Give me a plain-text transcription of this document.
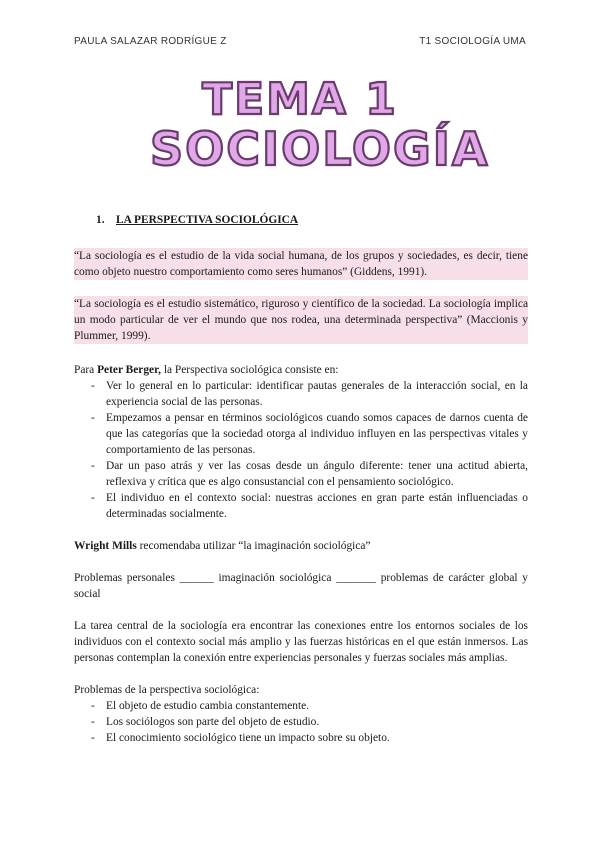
PAULA SALAZAR RODRÍGUE Z	T1 SOCIOLOGÍA UMA
TEMA 1
SOCIOLOGÍA
1. LA PERSPECTIVA SOCIOLÓGICA

“La sociología es el estudio de la vida social humana, de los grupos y sociedades, es decir, tiene como objeto nuestro comportamiento como seres humanos” (Giddens, 1991).

“La sociología es el estudio sistemático, riguroso y científico de la sociedad. La sociología implica un modo particular de ver el mundo que nos rodea, una determinada perspectiva” (Maccionis y Plummer, 1999).

Para Peter Berger, la Perspectiva sociológica consiste en:

- Ver lo general en lo particular: identificar pautas generales de la interacción social, en la experiencia social de las personas.
- Empezamos a pensar en términos sociológicos cuando somos capaces de darnos cuenta de que las categorías que la sociedad otorga al individuo influyen en las perspectivas vitales y comportamiento de las personas.
- Dar un paso atrás y ver las cosas desde un ángulo diferente: tener una actitud abierta, reflexiva y crítica que es algo consustancial con el pensamiento sociológico.
- El individuo en el contexto social: nuestras acciones en gran parte están influenciadas o determinadas socialmente.

Wright Mills recomendaba utilizar “la imaginación sociológica”

Problemas personales ______ imaginación sociológica _______ problemas de carácter global y social

La tarea central de la sociología era encontrar las conexiones entre los entornos sociales de los individuos con el contexto social más amplio y las fuerzas históricas en el que están inmersos. Las personas contemplan la conexión entre experiencias personales y fuerzas sociales más amplias.

Problemas de la perspectiva sociológica:

- El objeto de estudio cambia constantemente.
- Los sociólogos son parte del objeto de estudio.
- El conocimiento sociológico tiene un impacto sobre su objeto.
